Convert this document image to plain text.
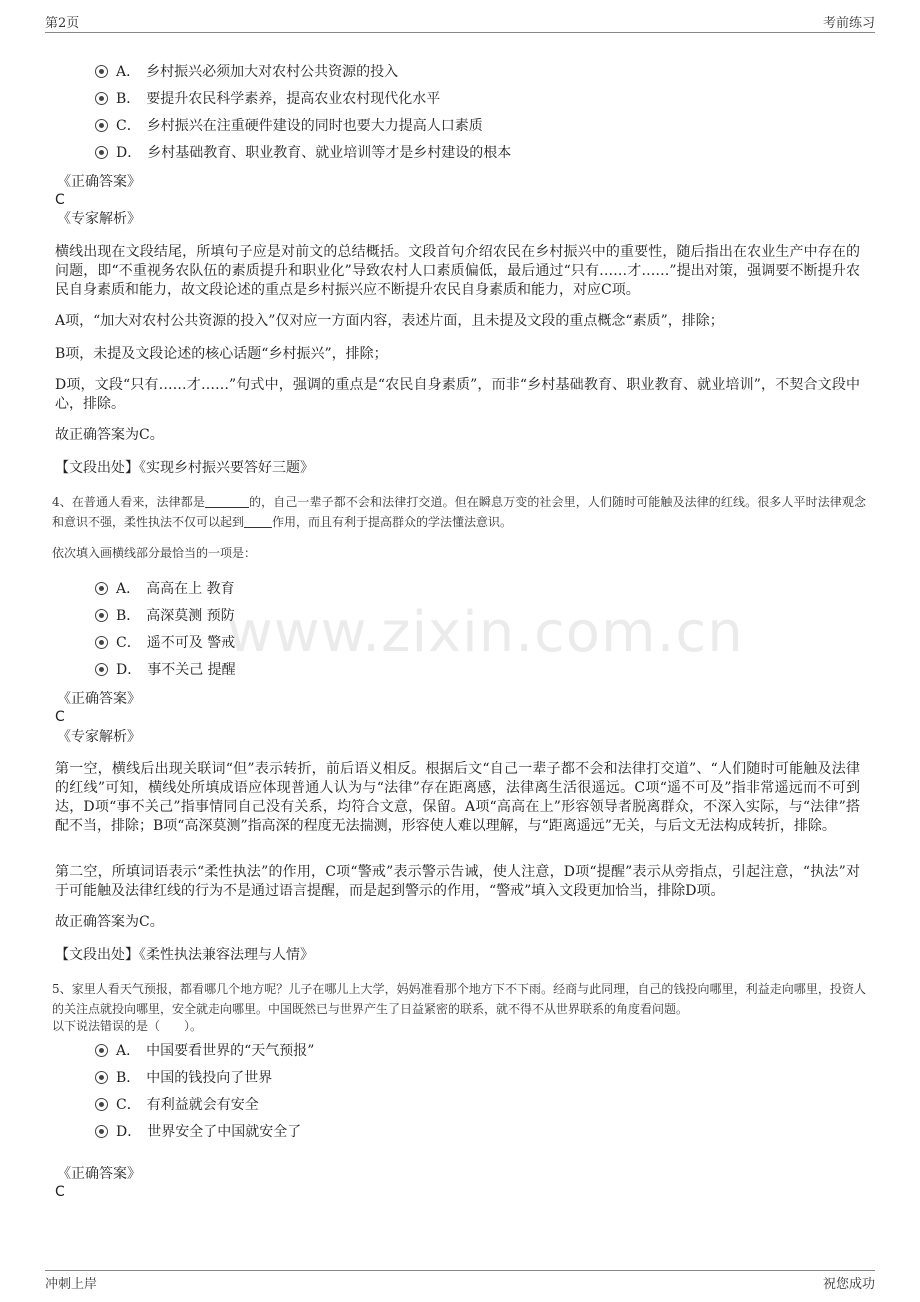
第2页	考前练习
www.zixin.com.cn
A． 乡村振兴必须加大对农村公共资源的投入
B． 要提升农民科学素养，提高农业农村现代化水平
C． 乡村振兴在注重硬件建设的同时也要大力提高人口素质
D． 乡村基础教育、职业教育、就业培训等才是乡村建设的根本
《正确答案》
C
《专家解析》
横线出现在文段结尾，所填句子应是对前文的总结概括。文段首句介绍农民在乡村振兴中的重要性，随后指出在农业生产中存在的问题，即“不重视务农队伍的素质提升和职业化”导致农村人口素质偏低，最后通过“只有……才……”提出对策，强调要不断提升农民自身素质和能力，故文段论述的重点是乡村振兴应不断提升农民自身素质和能力，对应C项。
A项，“加大对农村公共资源的投入”仅对应一方面内容，表述片面，且未提及文段的重点概念“素质”，排除；
B项，未提及文段论述的核心话题“乡村振兴”，排除；
D项，文段“只有……才……”句式中，强调的重点是“农民自身素质”，而非“乡村基础教育、职业教育、就业培训”，不契合文段中心，排除。
故正确答案为C。
【文段出处】《实现乡村振兴要答好三题》
4、在普通人看来，法律都是	的，自己一辈子都不会和法律打交道。但在瞬息万变的社会里，人们随时可能触及法律的红线。很多人平时法律观念和意识不强，柔性执法不仅可以起到 作用，而且有利于提高群众的学法懂法意识。
依次填入画横线部分最恰当的一项是：
A． 高高在上 教育
B． 高深莫测 预防
C． 遥不可及 警戒
D． 事不关己 提醒
《正确答案》
C
《专家解析》
第一空，横线后出现关联词“但”表示转折，前后语义相反。根据后文“自己一辈子都不会和法律打交道”、“人们随时可能触及法律的红线”可知，横线处所填成语应体现普通人认为与“法律”存在距离感，法律离生活很遥远。C项“遥不可及”指非常遥远而不可到达，D项“事不关己”指事情同自己没有关系，均符合文意，保留。A项“高高在上”形容领导者脱离群众，不深入实际，与“法律”搭配不当，排除；B项“高深莫测”指高深的程度无法揣测，形容使人难以理解，与“距离遥远”无关，与后文无法构成转折，排除。
第二空，所填词语表示“柔性执法”的作用，C项“警戒”表示警示告诫，使人注意，D项“提醒”表示从旁指点，引起注意，“执法”对于可能触及法律红线的行为不是通过语言提醒，而是起到警示的作用，“警戒”填入文段更加恰当，排除D项。
故正确答案为C。
【文段出处】《柔性执法兼容法理与人情》
5、家里人看天气预报，都看哪几个地方呢？儿子在哪儿上大学，妈妈准看那个地方下不下雨。经商与此同理，自己的钱投向哪里，利益走向哪里，投资人的关注点就投向哪里，安全就走向哪里。中国既然已与世界产生了日益紧密的联系，就不得不从世界联系的角度看问题。
以下说法错误的是（　　）。
A． 中国要看世界的“天气预报”
B． 中国的钱投向了世界
C． 有利益就会有安全
D． 世界安全了中国就安全了
《正确答案》
C
冲刺上岸	祝您成功
